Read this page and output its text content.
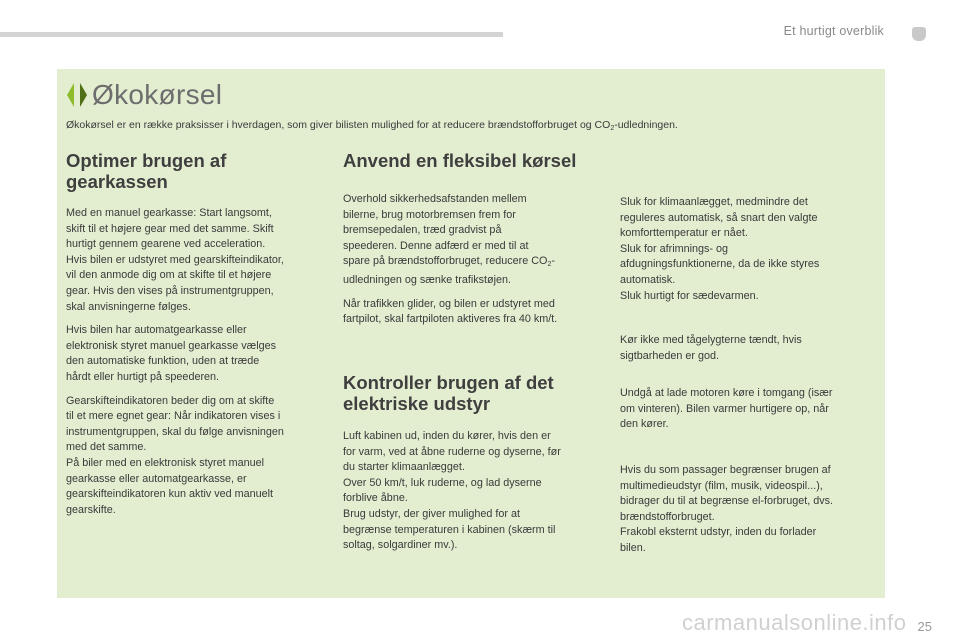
Et hurtigt overblik
Økokørsel
Økokørsel er en række praksisser i hverdagen, som giver bilisten mulighed for at reducere brændstofforbruget og $CO_2$-udledningen.
Optimer brugen af gearkassen

Med en manuel gearkasse: Start langsomt,
skift til et højere gear med det samme. Skift
hurtigt gennem gearene ved acceleration.
Hvis bilen er udstyret med gearskifteindikator,
vil den anmode dig om at skifte til et højere
gear. Hvis den vises på instrumentgruppen,
skal anvisningerne følges.

Hvis bilen har automatgearkasse eller
elektronisk styret manuel gearkasse vælges
den automatiske funktion, uden at træde
hårdt eller hurtigt på speederen.

Gearskifteindikatoren beder dig om at skifte
til et mere egnet gear: Når indikatoren vises i
instrumentgruppen, skal du følge anvisningen
med det samme.
På biler med en elektronisk styret manuel
gearkasse eller automatgearkasse, er
gearskifteindikatoren kun aktiv ved manuelt
gearskifte.

Anvend en fleksibel kørsel

Overhold sikkerhedsafstanden mellem
bilerne, brug motorbremsen frem for
bremsepedalen, træd gradvist på
speederen. Denne adfærd er med til at
spare på brændstofforbruget, reducere $CO_2-$
udledningen og sænke trafikstøjen.

Når trafikken glider, og bilen er udstyret med
fartpilot, skal fartpiloten aktiveres fra 40 km/t.

Kontroller brugen af det elektriske udstyr

Luft kabinen ud, inden du kører, hvis den er
for varm, ved at åbne ruderne og dyserne, før
du starter klimaanlægget.
Over 50 km/t, luk ruderne, og lad dyserne
forblive åbne.
Brug udstyr, der giver mulighed for at
begrænse temperaturen i kabinen (skærm til
soltag, solgardiner mv.).

Sluk for klimaanlægget, medmindre det
reguleres automatisk, så snart den valgte
komforttemperatur er nået.
Sluk for afrimnings- og
afdugningsfunktionerne, da de ikke styres
automatisk.
Sluk hurtigt for sædevarmen.

Kør ikke med tågelygterne tændt, hvis
sigtbarheden er god.

Undgå at lade motoren køre i tomgang (især
om vinteren). Bilen varmer hurtigere op, når
den kører.

Hvis du som passager begrænser brugen af
multimedieudstyr (film, musik, videospil...),
bidrager du til at begrænse el-forbruget, dvs.
brændstofforbruget.
Frakobl eksternt udstyr, inden du forlader
bilen.

carmanualsonline.info 25
